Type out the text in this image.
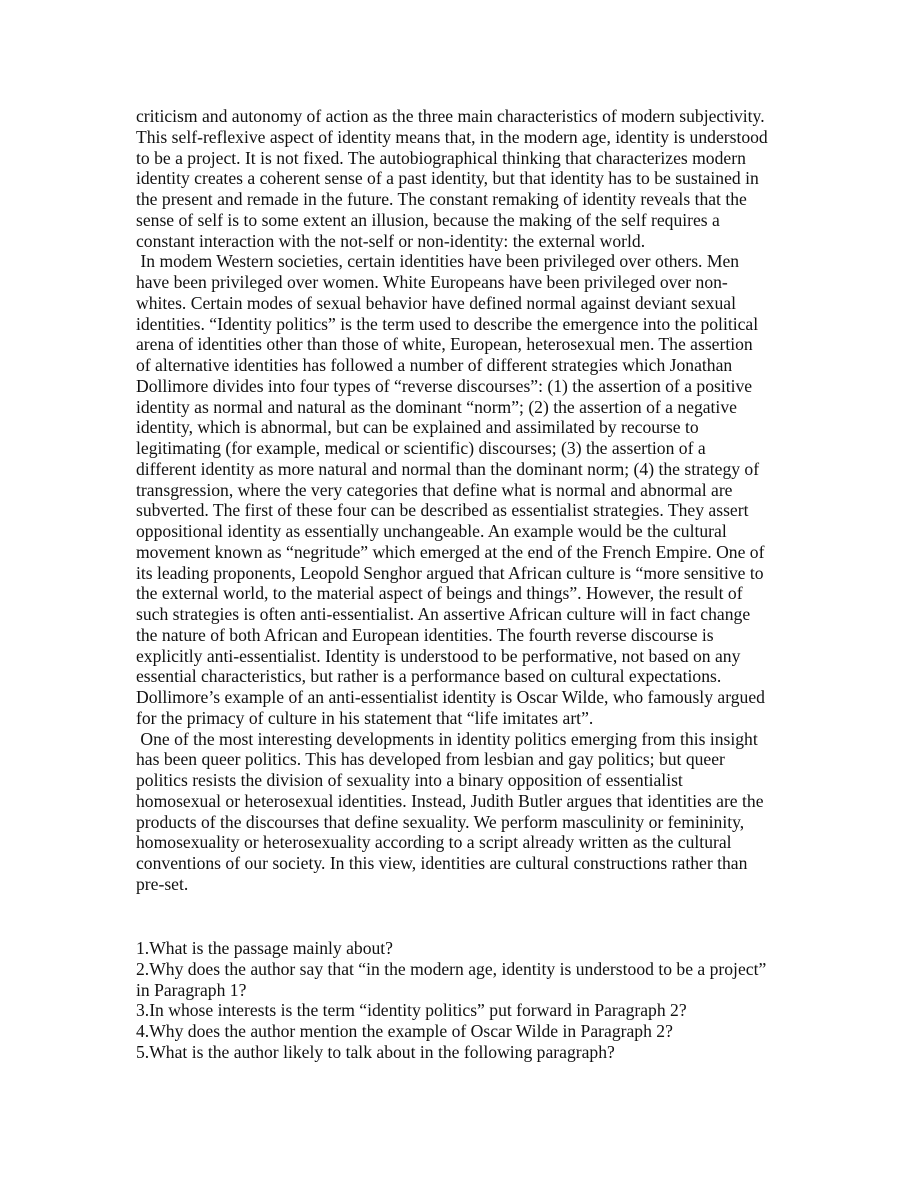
criticism and autonomy of action as the three main characteristics of modern subjectivity.
This self-reflexive aspect of identity means that, in the modern age, identity is understood
to be a project. It is not fixed. The autobiographical thinking that characterizes modern
identity creates a coherent sense of a past identity, but that identity has to be sustained in
the present and remade in the future. The constant remaking of identity reveals that the
sense of self is to some extent an illusion, because the making of the self requires a
constant interaction with the not-self or non-identity: the external world.
In modem Western societies, certain identities have been privileged over others. Men
have been privileged over women. White Europeans have been privileged over non-
whites. Certain modes of sexual behavior have defined normal against deviant sexual
identities. “Identity politics” is the term used to describe the emergence into the political
arena of identities other than those of white, European, heterosexual men. The assertion
of alternative identities has followed a number of different strategies which Jonathan
Dollimore divides into four types of “reverse discourses”: (1) the assertion of a positive
identity as normal and natural as the dominant “norm”; (2) the assertion of a negative
identity, which is abnormal, but can be explained and assimilated by recourse to
legitimating (for example, medical or scientific) discourses; (3) the assertion of a
different identity as more natural and normal than the dominant norm; (4) the strategy of
transgression, where the very categories that define what is normal and abnormal are
subverted. The first of these four can be described as essentialist strategies. They assert
oppositional identity as essentially unchangeable. An example would be the cultural
movement known as “negritude” which emerged at the end of the French Empire. One of
its leading proponents, Leopold Senghor argued that African culture is “more sensitive to
the external world, to the material aspect of beings and things”. However, the result of
such strategies is often anti-essentialist. An assertive African culture will in fact change
the nature of both African and European identities. The fourth reverse discourse is
explicitly anti-essentialist. Identity is understood to be performative, not based on any
essential characteristics, but rather is a performance based on cultural expectations.
Dollimore’s example of an anti-essentialist identity is Oscar Wilde, who famously argued
for the primacy of culture in his statement that “life imitates art”.
One of the most interesting developments in identity politics emerging from this insight
has been queer politics. This has developed from lesbian and gay politics; but queer
politics resists the division of sexuality into a binary opposition of essentialist
homosexual or heterosexual identities. Instead, Judith Butler argues that identities are the
products of the discourses that define sexuality. We perform masculinity or femininity,
homosexuality or heterosexuality according to a script already written as the cultural
conventions of our society. In this view, identities are cultural constructions rather than
pre-set.
1.What is the passage mainly about?
2.Why does the author say that “in the modern age, identity is understood to be a project”
in Paragraph 1?
3.In whose interests is the term “identity politics” put forward in Paragraph 2?
4.Why does the author mention the example of Oscar Wilde in Paragraph 2?
5.What is the author likely to talk about in the following paragraph?
